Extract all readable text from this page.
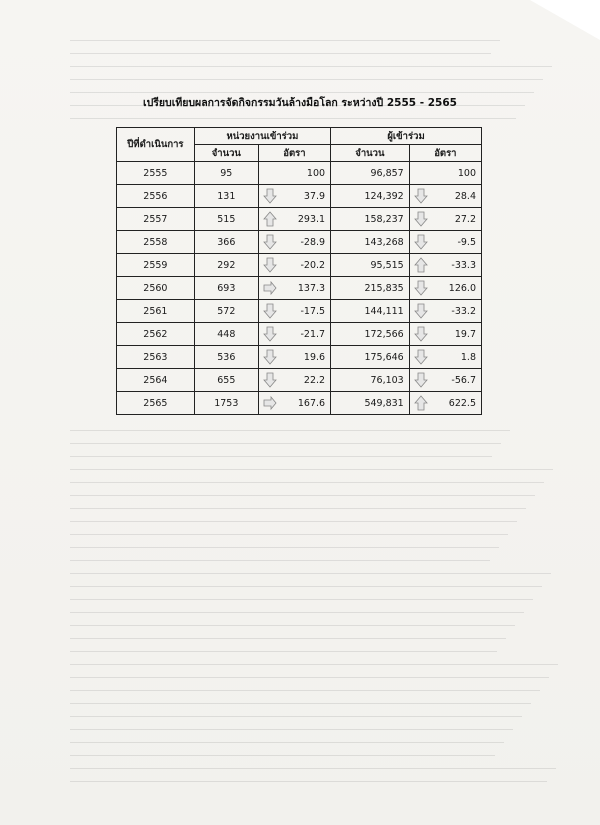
เปรียบเทียบผลการจัดกิจกรรมวันล้างมือโลก ระหว่างปี 2555 - 2565
ปีที่ดำเนินการ	หน่วยงานเข้าร่วม		ผู้เข้าร่วม	
	จำนวน	อัตรา	จำนวน	อัตรา
2555	95	100	96,857	100
2556	131	37.9	124,392	28.4
2557	515	293.1	158,237	27.2
2558	366	-28.9	143,268	-9.5
2559	292	-20.2	95,515	-33.3
2560	693	137.3	215,835	126.0
2561	572	-17.5	144,111	-33.2
2562	448	-21.7	172,566	19.7
2563	536	19.6	175,646	1.8
2564	655	22.2	76,103	-56.7
2565	1753	167.6	549,831	622.5
